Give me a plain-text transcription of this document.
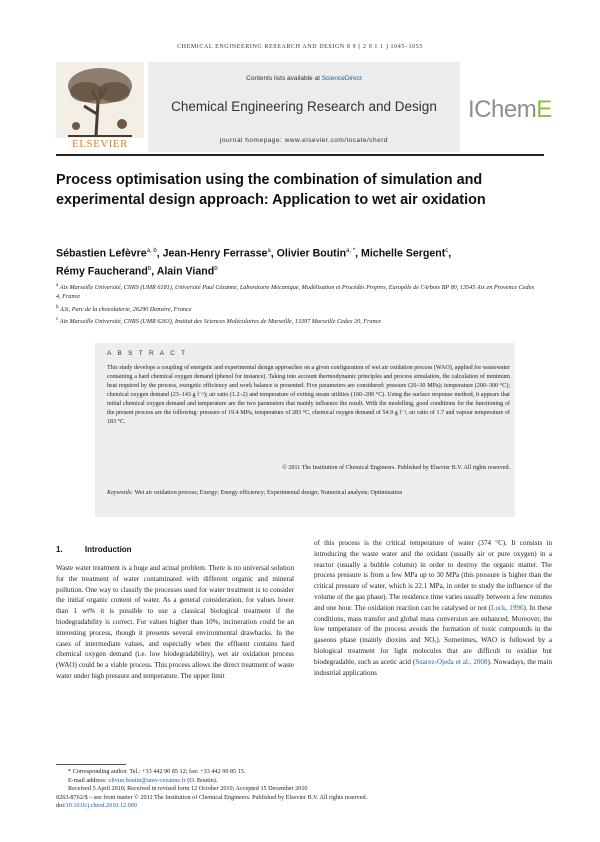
CHEMICAL ENGINEERING RESEARCH AND DESIGN 8 9 ( 2 0 1 1 ) 1045–1055
ELSEVIER
Contents lists available at ScienceDirect
Chemical Engineering Research and Design
journal homepage: www.elsevier.com/locate/cherd
IChemE
Process optimisation using the combination of simulation and experimental design approach: Application to wet air oxidation
Sébastien Lefèvre$^{a, b}$, Jean-Henry Ferrasse$^a$, Olivier Boutin$^{a, *}$, Michelle Sergent$^c$,
Rémy Faucherand$^b$, Alain Viand$^b$
$^a$ Aix Marseille Université, CNRS (UMR 6181), Université Paul Cézanne, Laboratoire Mécanique, Modélisation et Procédés Propres, Europôle de l'Arbois BP 80, 13545 Aix en Provence Cedex 4, France
$^b$ A3i, Parc de la chocolaterie, 26290 Donzère, France
$^c$ Aix Marseille Université, CNRS (UMR 6263), Institut des Sciences Moléculaires de Marseille, 13397 Marseille Cedex 20, France
A B S T R A C T
This study develops a coupling of energetic and experimental design approaches on a given configuration of wet air oxidation process (WAO), applied for wastewater containing a hard chemical oxygen demand (phenol for instance). Taking into account thermodynamic principles and process simulation, the calculation of minimum heat required by the process, exergetic efficiency and work balance is presented. Five parameters are considered: pressure (20–30 MPa); temperature (200–300 °C); chemical oxygen demand (23–143 g l⁻¹); air ratio (1.2–2) and temperature of exiting steam utilities (160–200 °C). Using the surface response method, it appears that initial chemical oxygen demand and temperature are the two parameters that mainly influence the result. With the modelling, good conditions for the functioning of the present process are the following: pressure of 19.4 MPa, temperature of 283 °C, chemical oxygen demand of 54.9 g l⁻¹, air ratio of 1.7 and vapour temperature of 183 °C.
© 2011 The Institution of Chemical Engineers. Published by Elsevier B.V. All rights reserved.
Keywords: Wet air oxidation process; Exergy; Energy efficiency; Experimental design; Numerical analysis; Optimisation
1.	Introduction
Waste water treatment is a huge and actual problem. There is no universal solution for the treatment of water contaminated with different organic and mineral pollution. One way to classify the processes used for water treatment is to consider the initial organic content of water. As a general consideration, for values lower than 1 wt% it is possible to use a classical biological treatment if the biodegradability is correct. For values higher than 10%, incineration could be an interesting process, though it presents several environmental drawbacks. In the cases of intermediate values, and especially when the effluent contains hard chemical oxygen demand (i.e. low biodegradability), wet air oxidation process (WAO) could be a viable process. This process allows the direct treatment of waste water under high pressure and temperature. The upper limit
of this process is the critical temperature of water (374 °C). It consists in introducing the waste water and the oxidant (usually air or pure oxygen) in a reactor (usually a bubble column) in order to destroy the organic matter. The process pressure is from a few MPa up to 30 MPa (this pressure is higher than the critical pressure of water, which is 22.1 MPa, in order to study the influence of the volume of the gas phase). The residence time varies usually between a few minutes and one hour. The oxidation reaction can be catalysed or not (Luck, 1996). In these conditions, mass transfer and global mass conversion are enhanced. Moreover, the low temperature of the process avoids the formation of toxic compounds in the gaseous phase (mainly dioxins and NOₓ). Sometimes, WAO is followed by a biological treatment for light molecules that are difficult to oxidise but biodegradable, such as acetic acid (Suarez-Ojeda et al., 2008). Nowadays, the main industrial applications
* Corresponding author. Tel.: +33 442 90 85 12; fax: +33 442 90 85 15.
E-mail address: olivier.boutin@univ-cezanne.fr (O. Boutin).
Received 5 April 2010; Received in revised form 12 October 2010; Accepted 15 December 2010
0263-8762/$ – see front matter © 2011 The Institution of Chemical Engineers. Published by Elsevier B.V. All rights reserved.
doi:10.1016/j.cherd.2010.12.009
